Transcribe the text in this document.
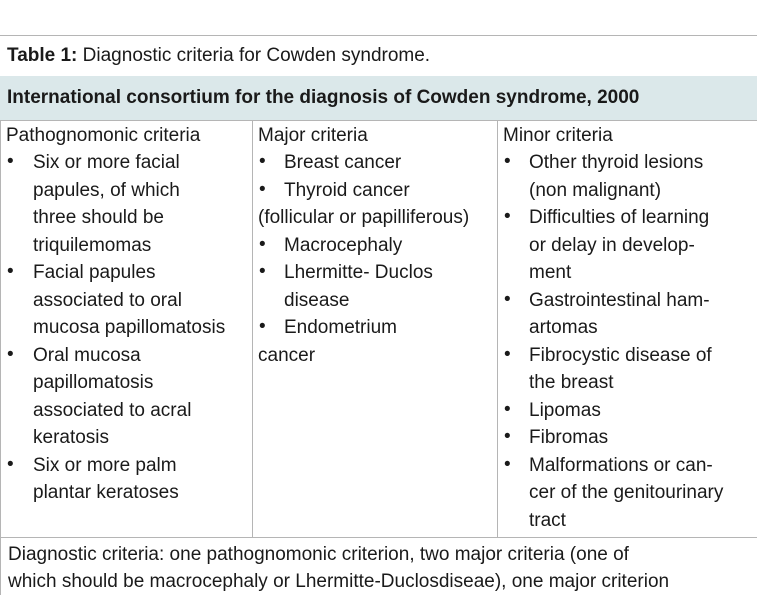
Table 1: Diagnostic criteria for Cowden syndrome.
International consortium for the diagnosis of Cowden syndrome, 2000
Pathognomonic criteria
• Six or more facial
papules, of which
three should be
triquilemomas
• Facial papules
associated to oral
mucosa papillomatosis
• Oral mucosa
papillomatosis
associated to acral
keratosis
• Six or more palm
plantar keratoses
Major criteria
• Breast cancer
• Thyroid cancer
(follicular or papilliferous)
• Macrocephaly
• Lhermitte- Duclos
disease
• Endometrium
cancer
Minor criteria
• Other thyroid lesions
(non malignant)
• Difficulties of learning
or delay in develop-
ment
• Gastrointestinal ham-
artomas
• Fibrocystic disease of
the breast
• Lipomas
• Fibromas
• Malformations or can-
cer of the genitourinary
tract
Diagnostic criteria: one pathognomonic criterion, two major criteria (one of
which should be macrocephaly or Lhermitte-Duclosdiseae), one major criterion
